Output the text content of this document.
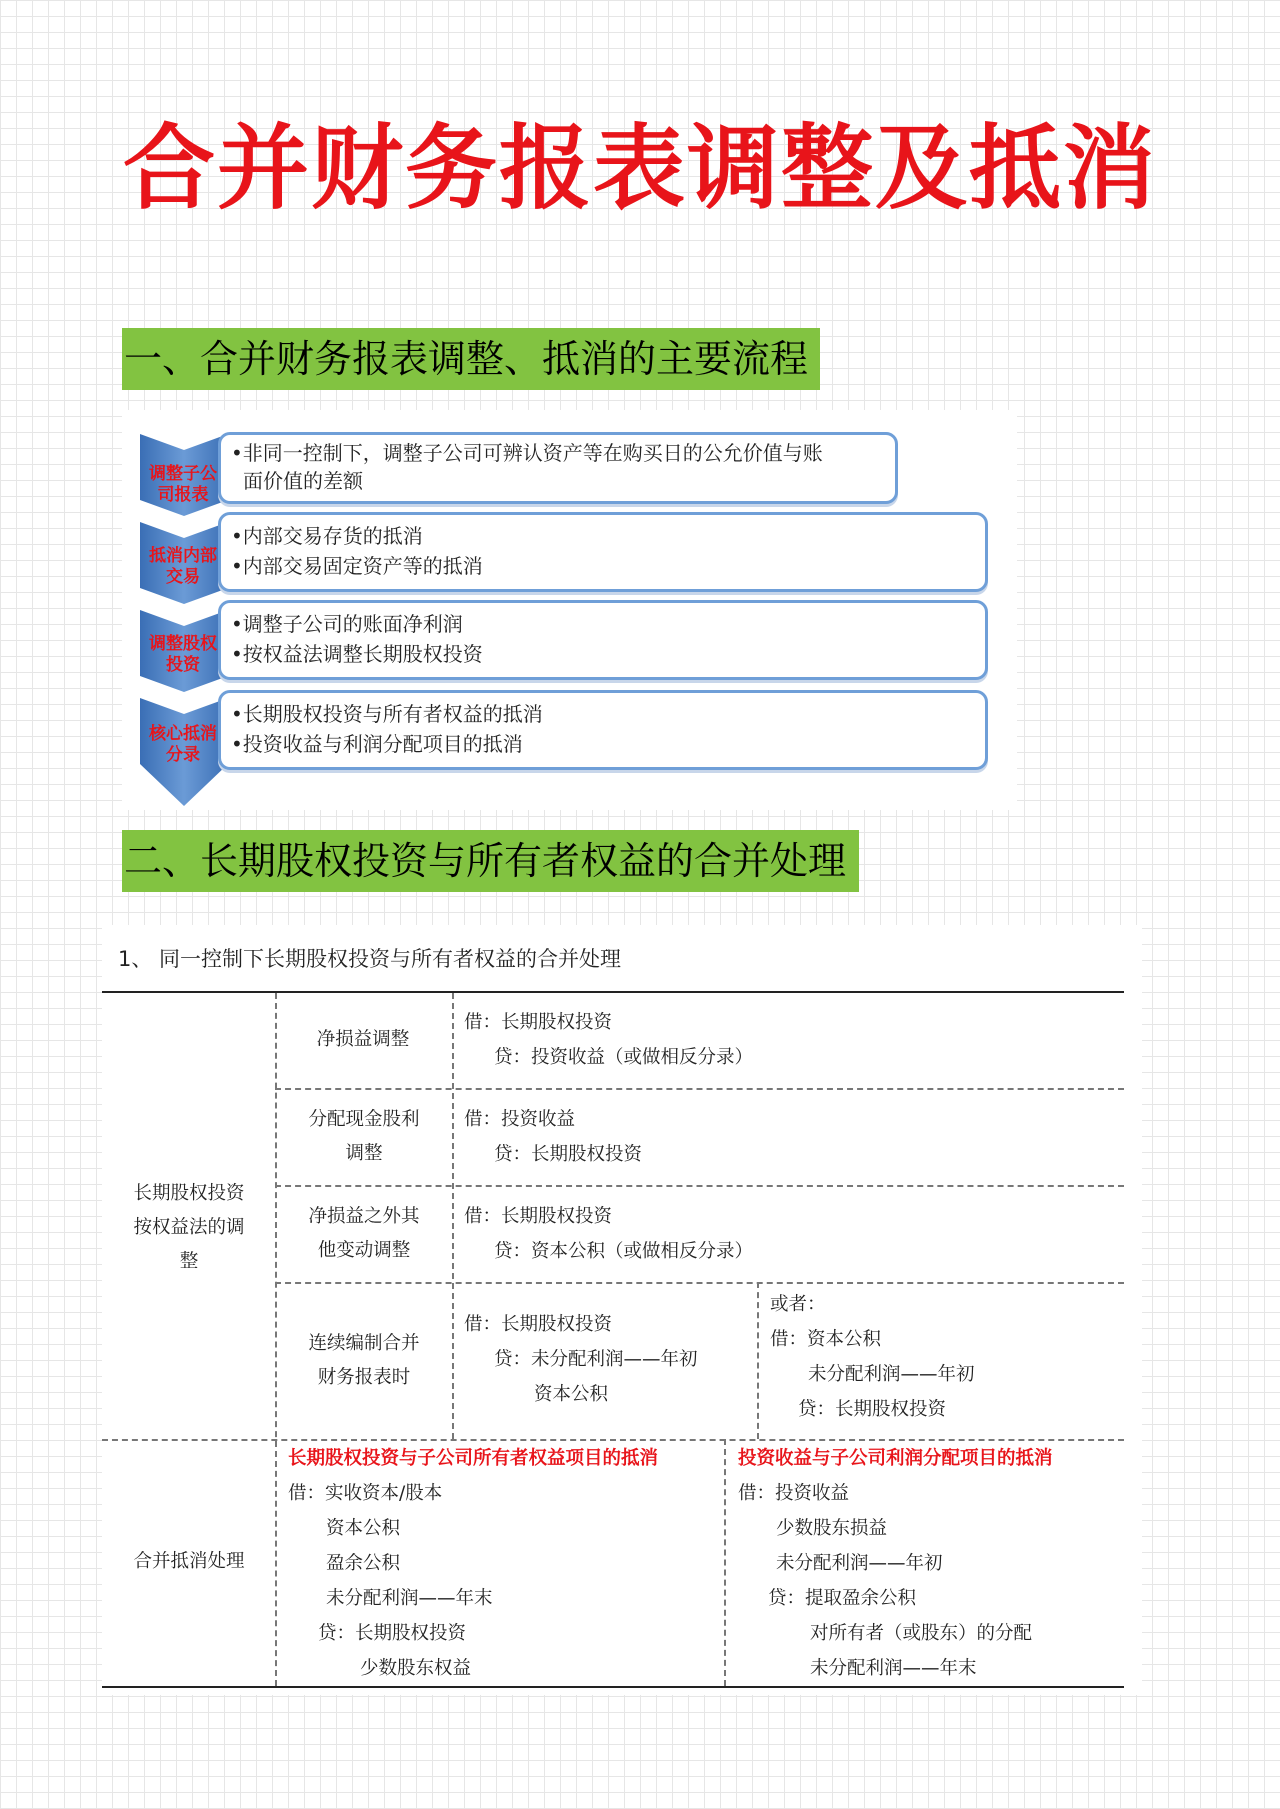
合并财务报表调整及抵消
一、合并财务报表调整、抵消的主要流程
调整子公
司报表
抵消内部
交易
调整股权
投资
核心抵消
分录
•非同一控制下，调整子公司可辨认资产等在购买日的公允价值与账
面价值的差额
•内部交易存货的抵消
•内部交易固定资产等的抵消
•调整子公司的账面净利润
•按权益法调整长期股权投资
•长期股权投资与所有者权益的抵消
•投资收益与利润分配项目的抵消
二、长期股权投资与所有者权益的合并处理
1、 同一控制下长期股权投资与所有者权益的合并处理
长期股权投资
按权益法的调
整
净损益调整
借：长期股权投资
贷：投资收益（或做相反分录）
分配现金股利
调整
借：投资收益
贷：长期股权投资
净损益之外其
他变动调整
借：长期股权投资
贷：资本公积（或做相反分录）
连续编制合并
财务报表时
借：长期股权投资
贷：未分配利润——年初
资本公积
或者：
借：资本公积
未分配利润——年初
贷：长期股权投资
合并抵消处理
长期股权投资与子公司所有者权益项目的抵消
借：实收资本/股本
资本公积
盈余公积
未分配利润——年末
贷：长期股权投资
少数股东权益
投资收益与子公司利润分配项目的抵消
借：投资收益
少数股东损益
未分配利润——年初
贷：提取盈余公积
对所有者（或股东）的分配
未分配利润——年末
